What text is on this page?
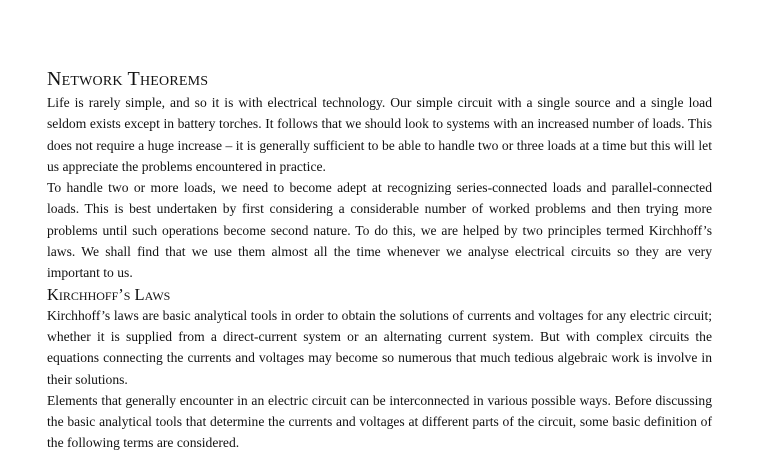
Network Theorems

Life is rarely simple, and so it is with electrical technology. Our simple circuit with a single source and a single load seldom exists except in battery torches. It follows that we should look to systems with an increased number of loads. This does not require a huge increase – it is generally sufficient to be able to handle two or three loads at a time but this will let us appreciate the problems encountered in practice.

To handle two or more loads, we need to become adept at recognizing series-connected loads and parallel-connected loads. This is best undertaken by first considering a considerable number of worked problems and then trying more problems until such operations become second nature. To do this, we are helped by two principles termed Kirchhoff’s laws. We shall find that we use them almost all the time whenever we analyse electrical circuits so they are very important to us.

Kirchhoff’s Laws

Kirchhoff’s laws are basic analytical tools in order to obtain the solutions of currents and voltages for any electric circuit; whether it is supplied from a direct-current system or an alternating current system. But with complex circuits the equations connecting the currents and voltages may become so numerous that much tedious algebraic work is involve in their solutions.

Elements that generally encounter in an electric circuit can be interconnected in various possible ways. Before discussing the basic analytical tools that determine the currents and voltages at different parts of the circuit, some basic definition of the following terms are considered.
